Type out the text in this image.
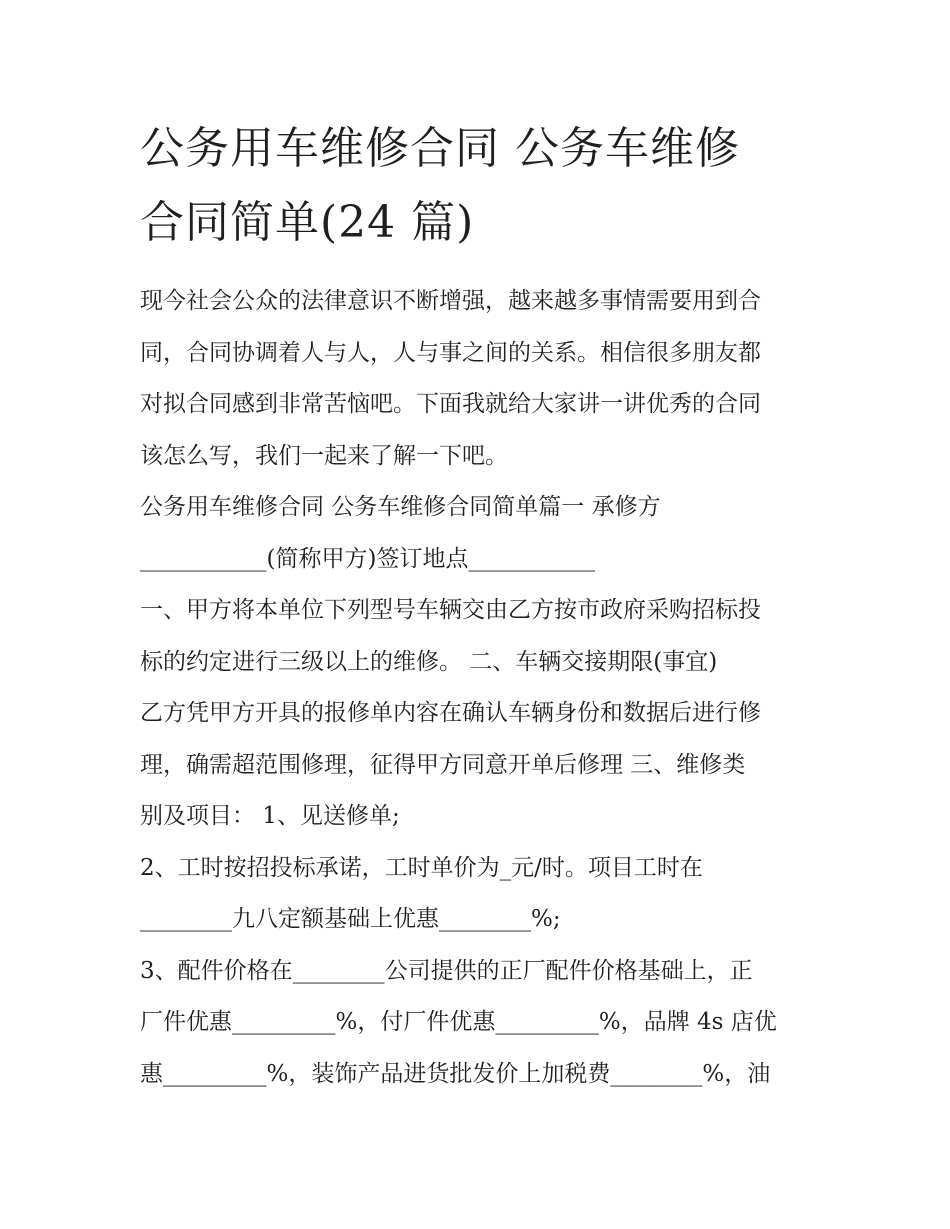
公务用车维修合同 公务车维修
合同简单(24 篇)
现今社会公众的法律意识不断增强，越来越多事情需要用到合
同，合同协调着人与人，人与事之间的关系。相信很多朋友都
对拟合同感到非常苦恼吧。下面我就给大家讲一讲优秀的合同
该怎么写，我们一起来了解一下吧。
公务用车维修合同 公务车维修合同简单篇一 承修方
___________(简称甲方)签订地点___________
一、甲方将本单位下列型号车辆交由乙方按市政府采购招标投
标的约定进行三级以上的维修。 二、车辆交接期限(事宜)
乙方凭甲方开具的报修单内容在确认车辆身份和数据后进行修
理，确需超范围修理，征得甲方同意开单后修理 三、维修类
别及项目： 1、见送修单;
2、工时按招投标承诺，工时单价为_元/时。项目工时在
________九八定额基础上优惠________%;
3、配件价格在________公司提供的正厂配件价格基础上，正
厂件优惠_________%，付厂件优惠_________%，品牌 4s 店优
惠_________%，装饰产品进货批发价上加税费________%，油
